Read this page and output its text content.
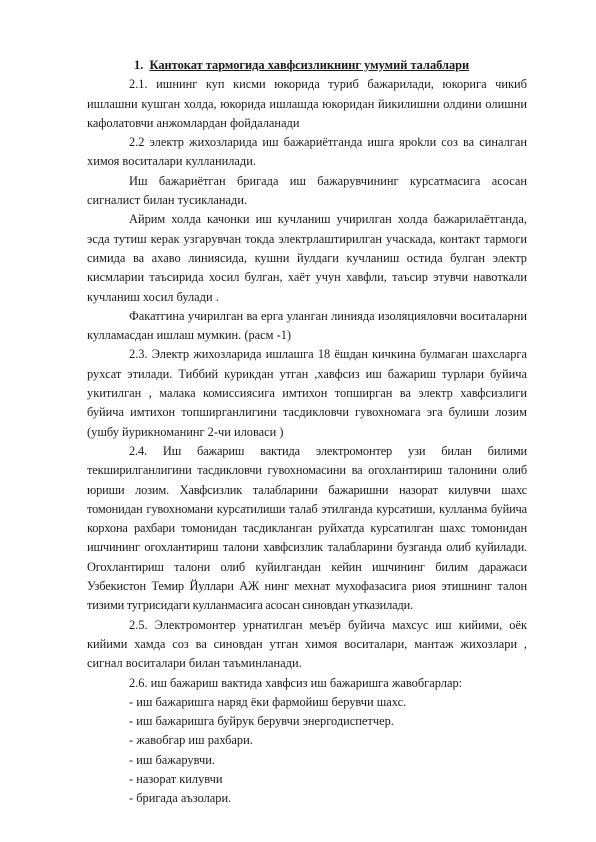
1. Кантокат тармогида хавфсизликнинг умумий талаблари

2.1. ишнинг куп кисми юкорида туриб бажарилади, юкорига чикиб ишлашни кушган холда, юкорида ишлашда юкоридан йикилишни олдини олишни кафолатовчи анжомлардан фойдаланади

2.2 электр жихозларида иш бажариётганда ишга яроkли соз ва синалган химоя воситалари кулланилади.

Иш бажариётган бригада иш бажарувчининг курсатмасига асосан сигналист билан тусикланади.

Айрим холда качонки иш кучланиш учирилган холда бажарилаётганда, эсда тутиш керак узгарувчан токда электрлаштирилган учаскада, контакт тармоги симида ва ахаво линиясида, кушни йулдаги кучланиш остида булган электр кисмларии таъсирида хосил булган, хаёт учун хавфли, таъсир этувчи навоткали кучланиш хосил булади .

Факатгина учирилган ва ерга уланган линияда изоляцияловчи воситаларни кулламасдан ишлаш мумкин. (расм -1)

2.3. Электр жихозларида ишлашга 18 ёшдан кичкина булмаган шахсларга рухсат этилади. Тиббий курикдан утган ,хавфсиз иш бажариш турлари буйича укитилган , малака комиссиясига имтихон топширган ва электр хавфсизлиги буйича имтихон топширганлигини тасдикловчи гувохномага эга булиши лозим (ушбу йурикномaнинг 2-чи иловаси )

2.4. Иш бажариш вактида электромонтер узи билан билими текширилганлигини тасдикловчи гувохномасини ва огохлантириш талонини олиб юриши лозим. Хавфсизлик талабларини бажаришни назорат килувчи шахс томонидан гувохномани курсатилиши талаб этилганда курсатиши, кулланма буйича корхона рахбари томонидан тасдикланган руйхатда курсатилган шахс томонидан ишчининг огохлантириш талони хавфсизлик талабларини бузганда олиб куйилади. Огохлантириш талони олиб куйилгандан кейин ишчининг билим даражаси Узбекистон Темир Йуллари АЖ нинг мехнат мухофазасига риоя этишнинг талон тизими тугрисидаги кулланмасига асосан синовдан утказилади.

2.5. Электромонтер урнатилган меъёр буйича махсус иш кийими, оёк кийими хамда соз ва синовдан утган химоя воситалари, мантаж жихозлари , сигнал воситалари билан таъминланади.

2.6. иш бажариш вактида хавфсиз иш бажаришга жавобгарлар:

- иш бажаришга наряд ёки фармойиш берувчи шахс.
- иш бажаришга буйрук берувчи энергодиспетчер.
- жавобгар иш рахбари.
- иш бажарувчи.
- назорат килувчи
- бригада аъзолари.
